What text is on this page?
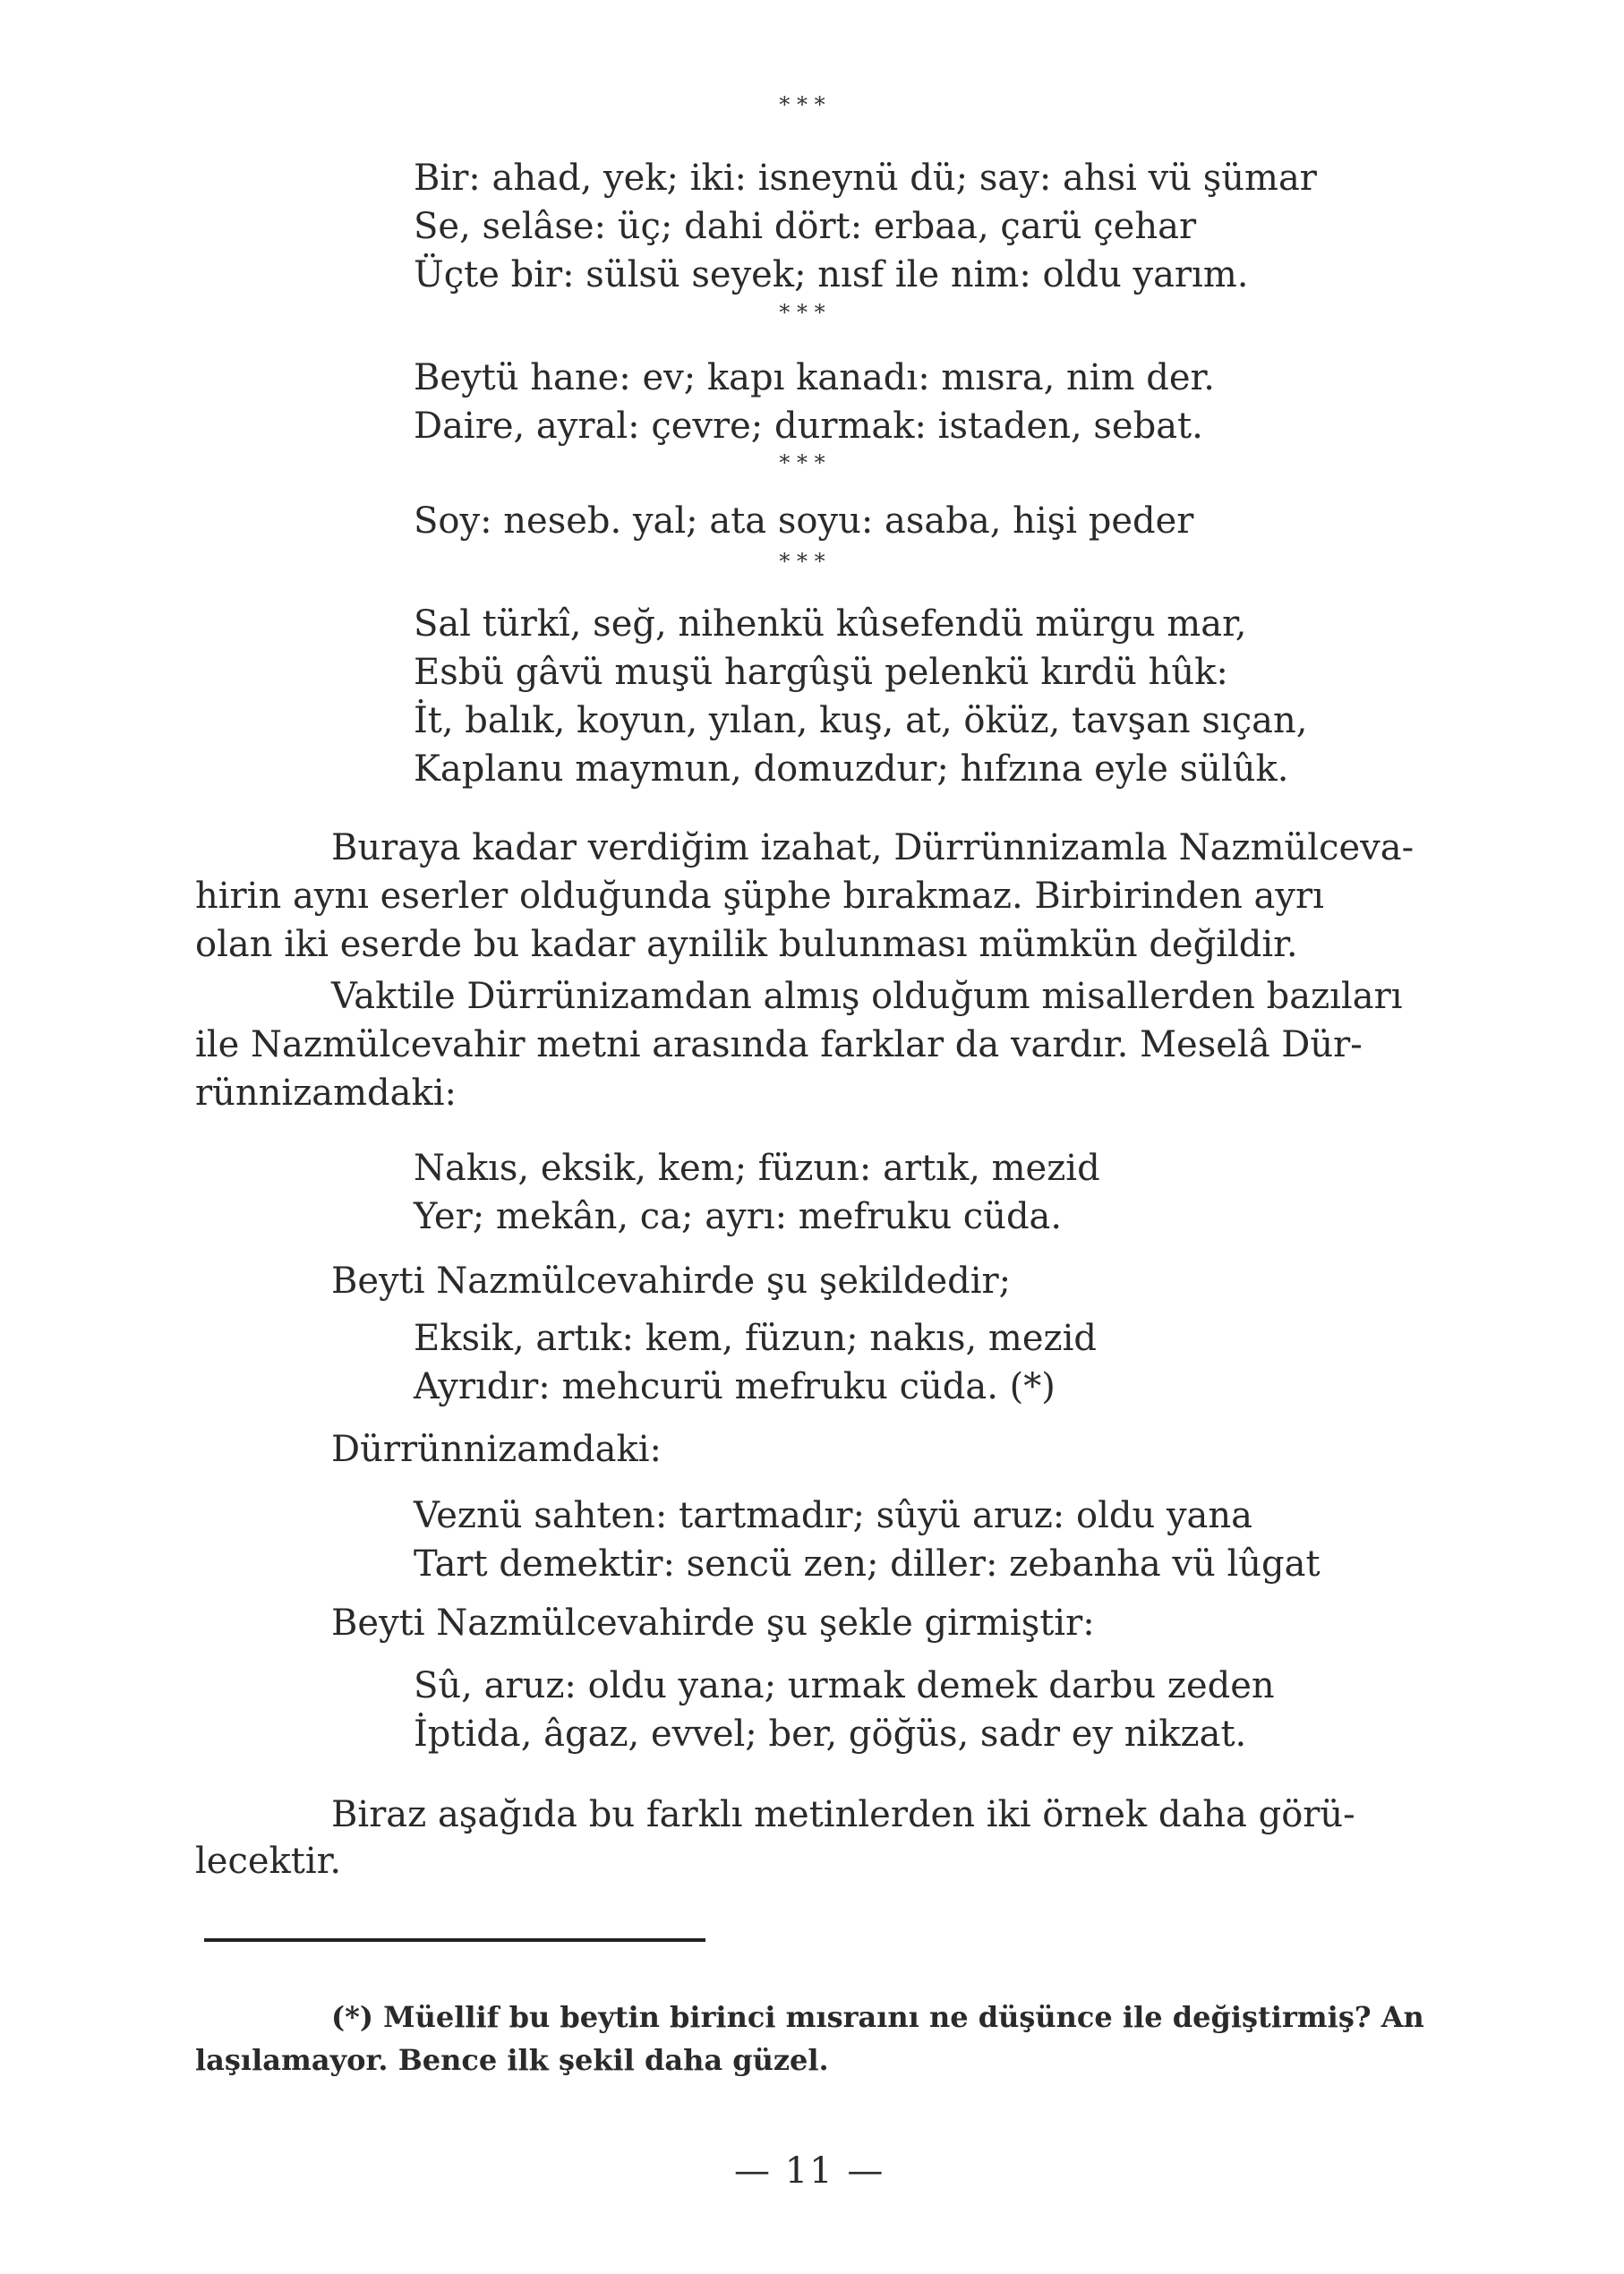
* * *
Bir: ahad, yek; iki: isneynü dü; say: ahsi vü şümar
Se, selâse: üç; dahi dört: erbaa, çarü çehar
Üçte bir: sülsü seyek; nısf ile nim: oldu yarım.
* * *
Beytü hane: ev; kapı kanadı: mısra, nim der.
Daire, ayral: çevre; durmak: istaden, sebat.
* * *
Soy: neseb. yal; ata soyu: asaba, hişi peder
* * *
Sal türkî, seğ, nihenkü kûsefendü mürgu mar,
Esbü gâvü muşü hargûşü pelenkü kırdü hûk:
İt, balık, koyun, yılan, kuş, at, öküz, tavşan sıçan,
Kaplanu maymun, domuzdur; hıfzına eyle sülûk.
Buraya kadar verdiğim izahat, Dürrünnizamla Nazmülceva-
hirin aynı eserler olduğunda şüphe bırakmaz. Birbirinden ayrı
olan iki eserde bu kadar aynilik bulunması mümkün değildir.
Vaktile Dürrünizamdan almış olduğum misallerden bazıları
ile Nazmülcevahir metni arasında farklar da vardır. Meselâ Dür-
rünnizamdaki:
Nakıs, eksik, kem; füzun: artık, mezid
Yer; mekân, ca; ayrı: mefruku cüda.
Beyti Nazmülcevahirde şu şekildedir;
Eksik, artık: kem, füzun; nakıs, mezid
Ayrıdır: mehcurü mefruku cüda. (*)
Dürrünnizamdaki:
Veznü sahten: tartmadır; sûyü aruz: oldu yana
Tart demektir: sencü zen; diller: zebanha vü lûgat
Beyti Nazmülcevahirde şu şekle girmiştir:
Sû, aruz: oldu yana; urmak demek darbu zeden
İptida, âgaz, evvel; ber, göğüs, sadr ey nikzat.
Biraz aşağıda bu farklı metinlerden iki örnek daha görü-
lecektir.
(*) Müellif bu beytin birinci mısraını ne düşünce ile değiştirmiş? An
laşılamayor. Bence ilk şekil daha güzel.
— 11 —
